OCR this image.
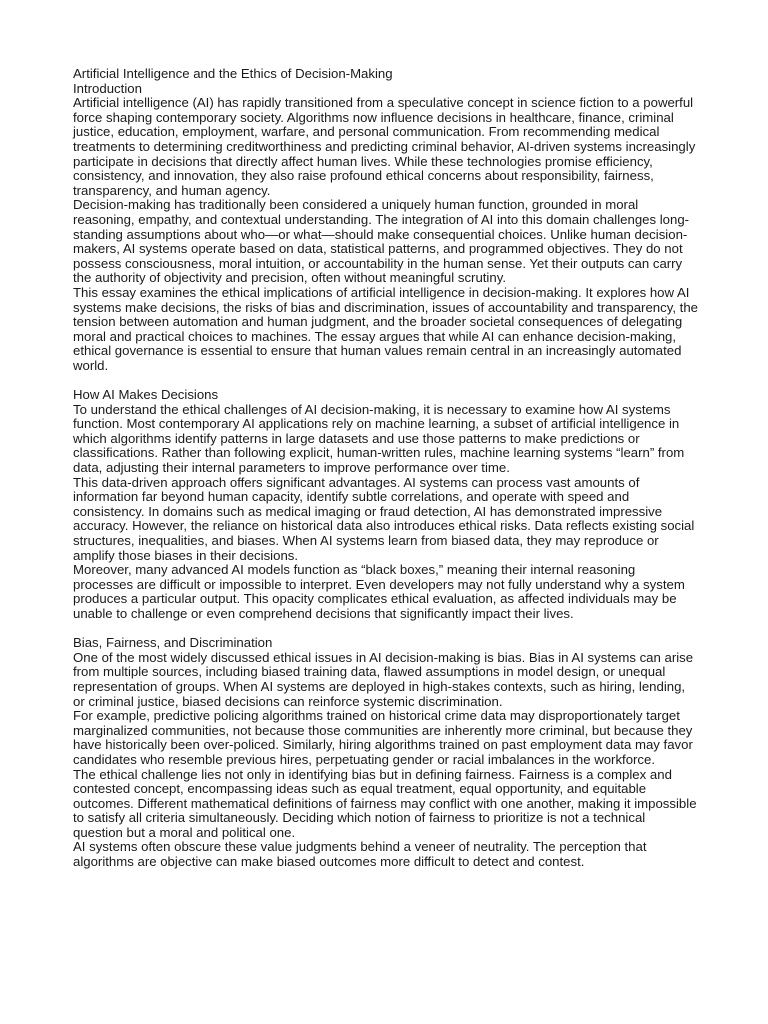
Artificial Intelligence and the Ethics of Decision-Making

Introduction

Artificial intelligence (AI) has rapidly transitioned from a speculative concept in science fiction to a powerful force shaping contemporary society. Algorithms now influence decisions in healthcare, finance, criminal justice, education, employment, warfare, and personal communication. From recommending medical treatments to determining creditworthiness and predicting criminal behavior, AI-driven systems increasingly participate in decisions that directly affect human lives. While these technologies promise efficiency, consistency, and innovation, they also raise profound ethical concerns about responsibility, fairness, transparency, and human agency.

Decision-making has traditionally been considered a uniquely human function, grounded in moral reasoning, empathy, and contextual understanding. The integration of AI into this domain challenges long-standing assumptions about who—or what—should make consequential choices. Unlike human decision-makers, AI systems operate based on data, statistical patterns, and programmed objectives. They do not possess consciousness, moral intuition, or accountability in the human sense. Yet their outputs can carry the authority of objectivity and precision, often without meaningful scrutiny.

This essay examines the ethical implications of artificial intelligence in decision-making. It explores how AI systems make decisions, the risks of bias and discrimination, issues of accountability and transparency, the tension between automation and human judgment, and the broader societal consequences of delegating moral and practical choices to machines. The essay argues that while AI can enhance decision-making, ethical governance is essential to ensure that human values remain central in an increasingly automated world.

How AI Makes Decisions

To understand the ethical challenges of AI decision-making, it is necessary to examine how AI systems function. Most contemporary AI applications rely on machine learning, a subset of artificial intelligence in which algorithms identify patterns in large datasets and use those patterns to make predictions or classifications. Rather than following explicit, human-written rules, machine learning systems “learn” from data, adjusting their internal parameters to improve performance over time.

This data-driven approach offers significant advantages. AI systems can process vast amounts of information far beyond human capacity, identify subtle correlations, and operate with speed and consistency. In domains such as medical imaging or fraud detection, AI has demonstrated impressive accuracy. However, the reliance on historical data also introduces ethical risks. Data reflects existing social structures, inequalities, and biases. When AI systems learn from biased data, they may reproduce or amplify those biases in their decisions.

Moreover, many advanced AI models function as “black boxes,” meaning their internal reasoning processes are difficult or impossible to interpret. Even developers may not fully understand why a system produces a particular output. This opacity complicates ethical evaluation, as affected individuals may be unable to challenge or even comprehend decisions that significantly impact their lives.

Bias, Fairness, and Discrimination

One of the most widely discussed ethical issues in AI decision-making is bias. Bias in AI systems can arise from multiple sources, including biased training data, flawed assumptions in model design, or unequal representation of groups. When AI systems are deployed in high-stakes contexts, such as hiring, lending, or criminal justice, biased decisions can reinforce systemic discrimination.

For example, predictive policing algorithms trained on historical crime data may disproportionately target marginalized communities, not because those communities are inherently more criminal, but because they have historically been over-policed. Similarly, hiring algorithms trained on past employment data may favor candidates who resemble previous hires, perpetuating gender or racial imbalances in the workforce.

The ethical challenge lies not only in identifying bias but in defining fairness. Fairness is a complex and contested concept, encompassing ideas such as equal treatment, equal opportunity, and equitable outcomes. Different mathematical definitions of fairness may conflict with one another, making it impossible to satisfy all criteria simultaneously. Deciding which notion of fairness to prioritize is not a technical question but a moral and political one.

AI systems often obscure these value judgments behind a veneer of neutrality. The perception that algorithms are objective can make biased outcomes more difficult to detect and contest.
